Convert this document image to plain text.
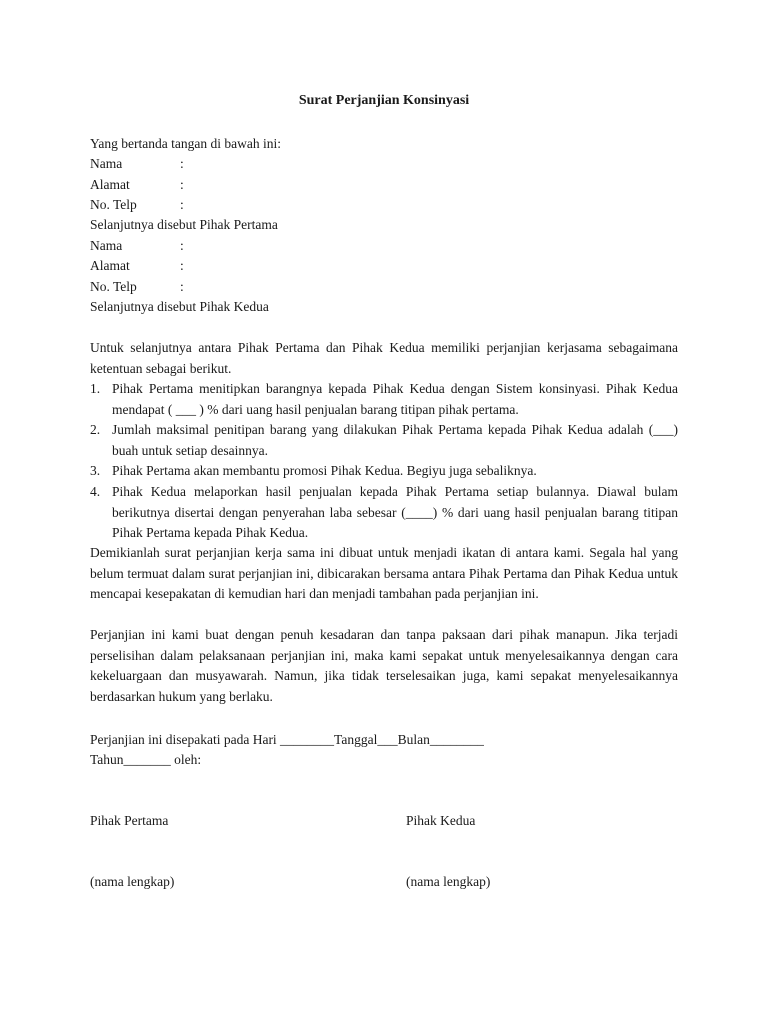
Surat Perjanjian Konsinyasi
Yang bertanda tangan di bawah ini:
Nama	:
Alamat	:
No. Telp	:
Selanjutnya disebut Pihak Pertama
Nama	:
Alamat	:
No. Telp	:
Selanjutnya disebut Pihak Kedua
Untuk selanjutnya antara Pihak Pertama dan Pihak Kedua memiliki perjanjian kerjasama sebagaimana ketentuan sebagai berikut.
1. Pihak Pertama menitipkan barangnya kepada Pihak Kedua dengan Sistem konsinyasi. Pihak Kedua mendapat ( ___ ) % dari uang hasil penjualan barang titipan pihak pertama.
2. Jumlah maksimal penitipan barang yang dilakukan Pihak Pertama kepada Pihak Kedua adalah (___) buah untuk setiap desainnya.
3. Pihak Pertama akan membantu promosi Pihak Kedua. Begiyu juga sebaliknya.
4. Pihak Kedua melaporkan hasil penjualan kepada Pihak Pertama setiap bulannya. Diawal bulam berikutnya disertai dengan penyerahan laba sebesar (____) % dari uang hasil penjualan barang titipan Pihak Pertama kepada Pihak Kedua.
Demikianlah surat perjanjian kerja sama ini dibuat untuk menjadi ikatan di antara kami. Segala hal yang belum termuat dalam surat perjanjian ini, dibicarakan bersama antara Pihak Pertama dan Pihak Kedua untuk mencapai kesepakatan di kemudian hari dan menjadi tambahan pada perjanjian ini.
Perjanjian ini kami buat dengan penuh kesadaran dan tanpa paksaan dari pihak manapun. Jika terjadi perselisihan dalam pelaksanaan perjanjian ini, maka kami sepakat untuk menyelesaikannya dengan cara kekeluargaan dan musyawarah. Namun, jika tidak terselesaikan juga, kami sepakat menyelesaikannya berdasarkan hukum yang berlaku.
Perjanjian ini disepakati pada Hari ________Tanggal___Bulan________
Tahun_______ oleh:
Pihak Pertama	Pihak Kedua
(nama lengkap)	(nama lengkap)
